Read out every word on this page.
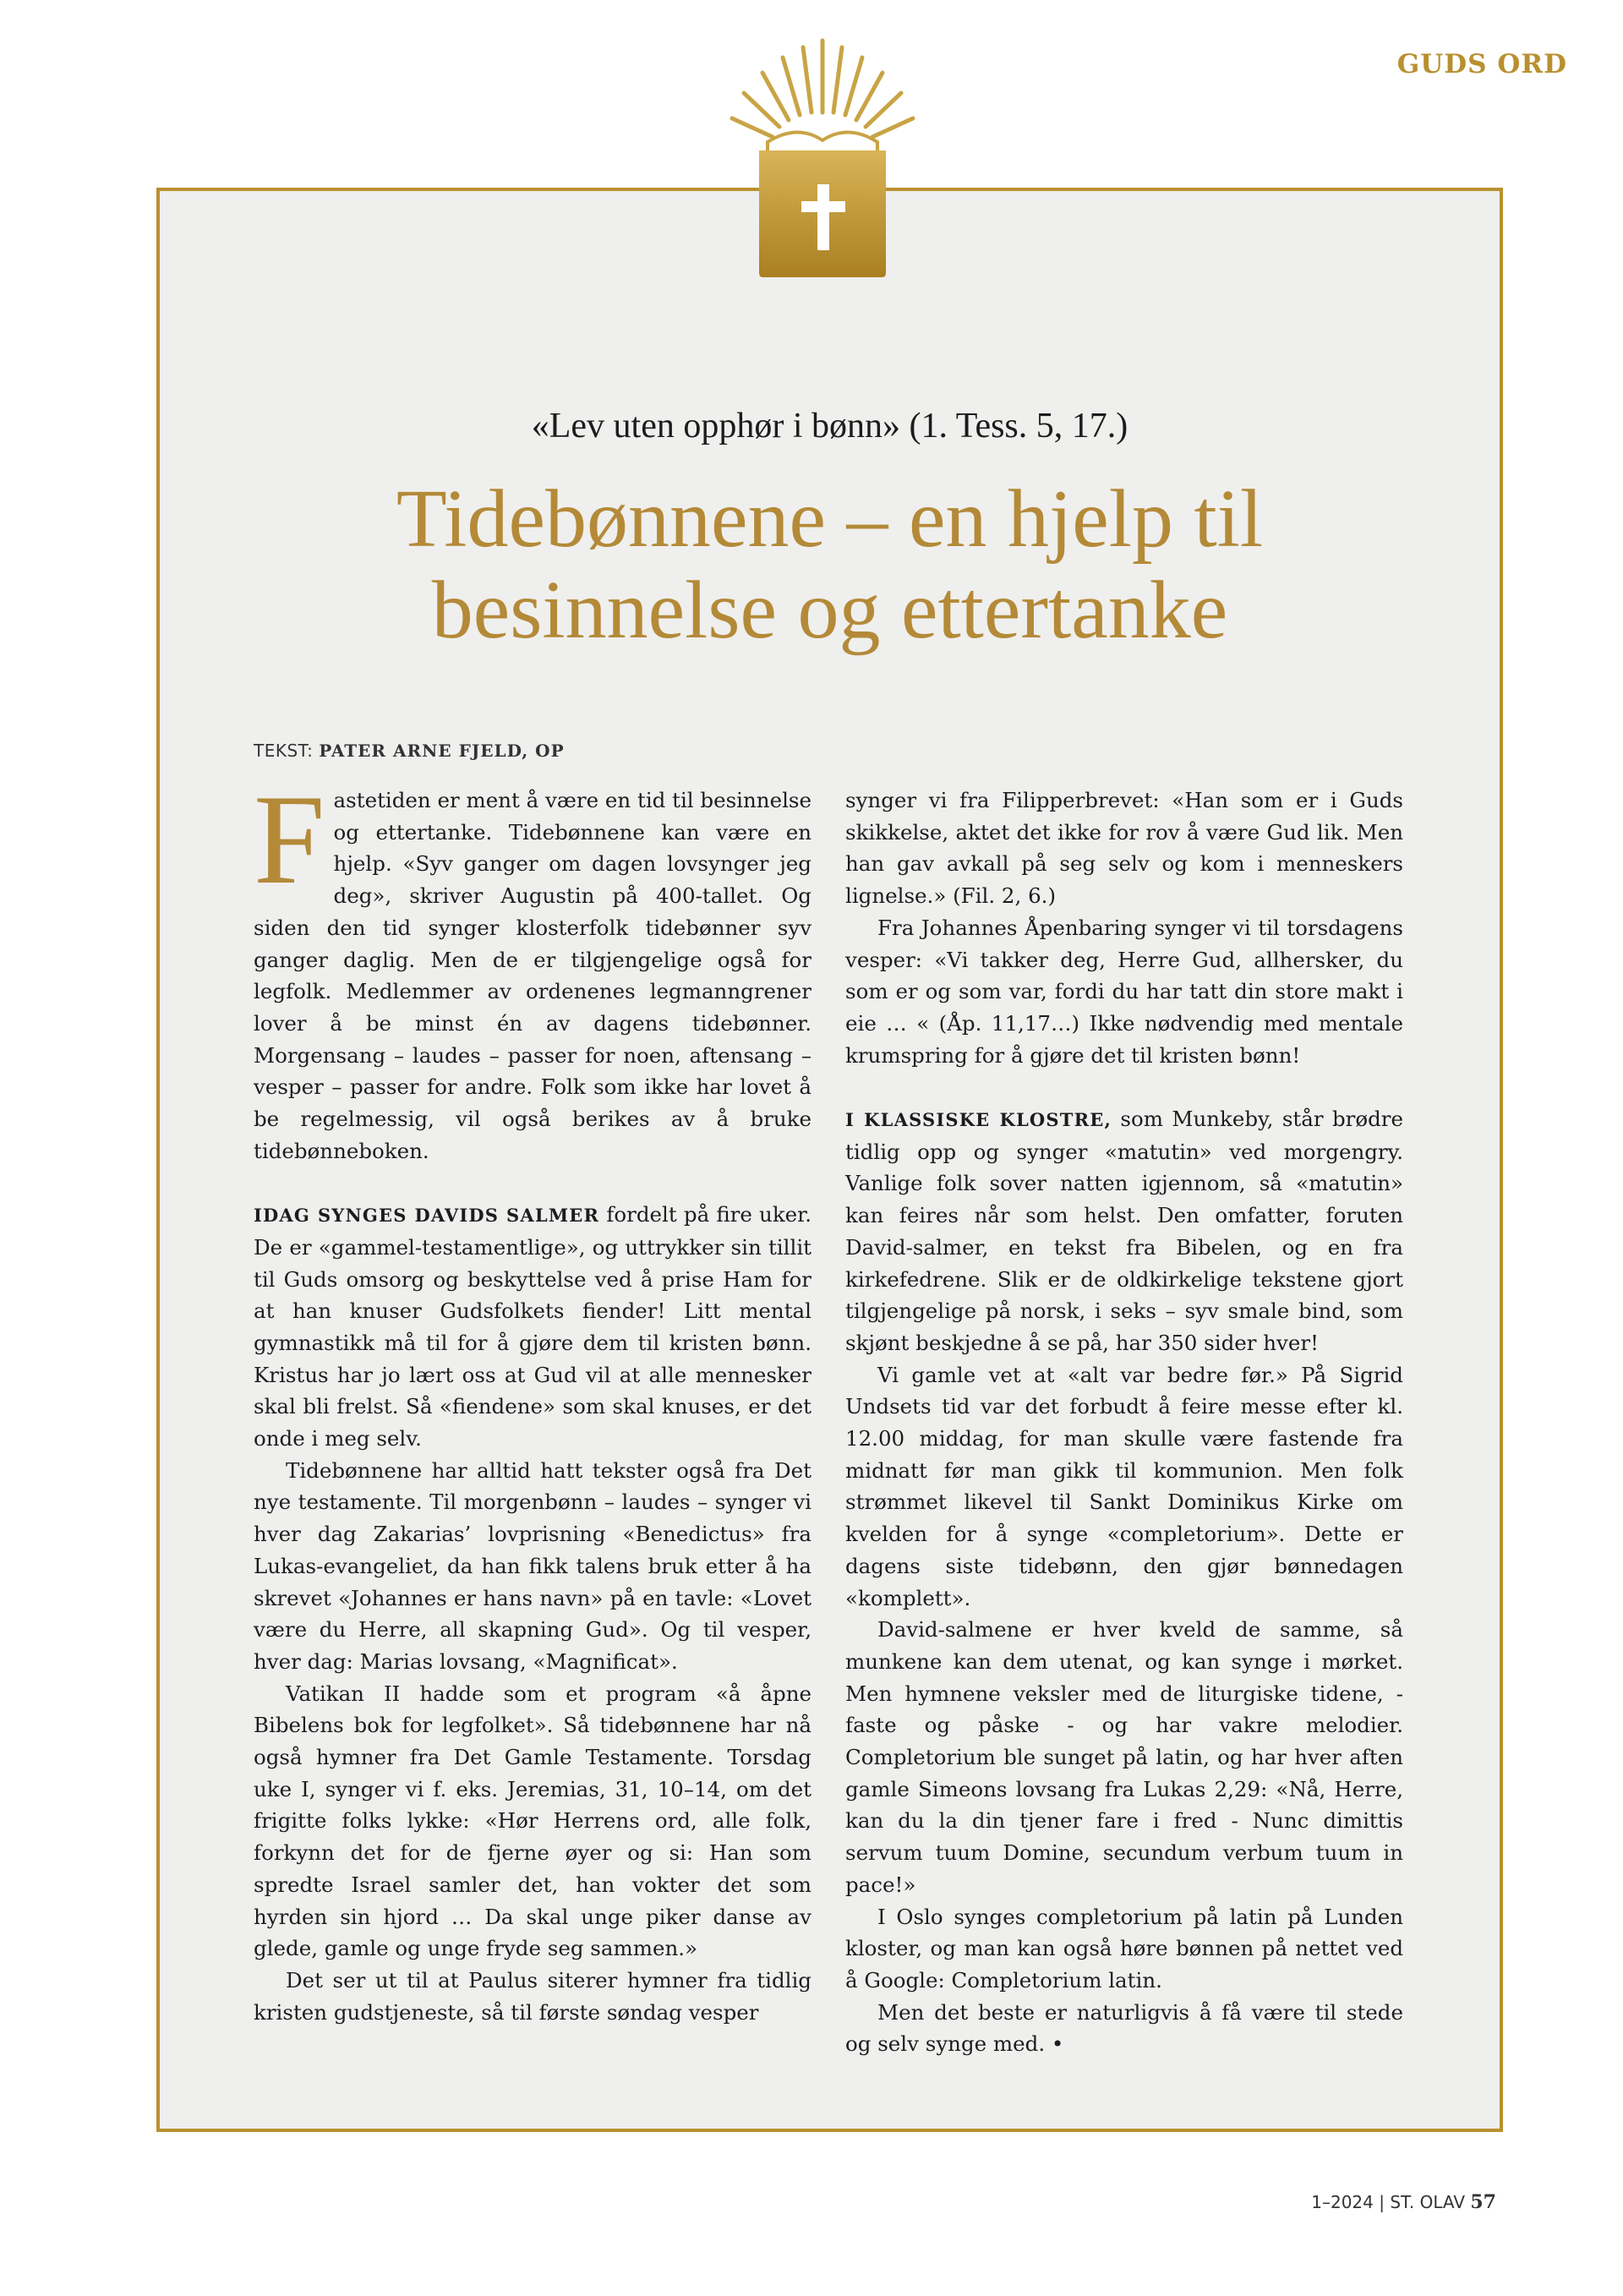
GUDS ORD
«Lev uten opphør i bønn» (1. Tess. 5, 17.)
Tidebønnene – en hjelp til
besinnelse og ettertanke
TEKST: PATER ARNE FJELD, OP

Fastetiden er ment å være en tid til besinnelse og ettertanke. Tidebønnene kan være en hjelp. «Syv ganger om dagen lovsynger jeg deg», skriver Augustin på 400-tallet. Og siden den tid synger klosterfolk tidebønner syv ganger daglig. Men de er tilgjengelige også for legfolk. Medlemmer av ordenenes legmanngrener lover å be minst én av dagens tidebønner. Morgensang – laudes – passer for noen, aftensang – vesper – passer for andre. Folk som ikke har lovet å be regelmessig, vil også berikes av å bruke tidebønneboken.

IDAG SYNGES DAVIDS SALMER fordelt på fire uker. De er «gammel-testamentlige», og uttrykker sin tillit til Guds omsorg og beskyttelse ved å prise Ham for at han knuser Gudsfolkets fiender! Litt mental gymnastikk må til for å gjøre dem til kristen bønn. Kristus har jo lært oss at Gud vil at alle mennesker skal bli frelst. Så «fiendene» som skal knuses, er det onde i meg selv.

Tidebønnene har alltid hatt tekster også fra Det nye testamente. Til morgenbønn – laudes – synger vi hver dag Zakarias’ lovprisning «Benedictus» fra Lukas-evangeliet, da han fikk talens bruk etter å ha skrevet «Johannes er hans navn» på en tavle: «Lovet være du Herre, all skapning Gud». Og til vesper, hver dag: Marias lovsang, «Magnificat».

Vatikan II hadde som et program «å åpne Bibelens bok for legfolket». Så tidebønnene har nå også hymner fra Det Gamle Testamente. Torsdag uke I, synger vi f. eks. Jeremias, 31, 10–14, om det frigitte folks lykke: «Hør Herrens ord, alle folk, forkynn det for de fjerne øyer og si: Han som spredte Israel samler det, han vokter det som hyrden sin hjord … Da skal unge piker danse av glede, gamle og unge fryde seg sammen.»

Det ser ut til at Paulus siterer hymner fra tidlig kristen gudstjeneste, så til første søndag vesper

synger vi fra Filipperbrevet: «Han som er i Guds skikkelse, aktet det ikke for rov å være Gud lik. Men han gav avkall på seg selv og kom i menneskers lignelse.» (Fil. 2, 6.)

Fra Johannes Åpenbaring synger vi til torsdagens vesper: «Vi takker deg, Herre Gud, allhersker, du som er og som var, fordi du har tatt din store makt i eie … « (Åp. 11,17…) Ikke nødvendig med mentale krumspring for å gjøre det til kristen bønn!

I KLASSISKE KLOSTRE, som Munkeby, står brødre tidlig opp og synger «matutin» ved morgengry. Vanlige folk sover natten igjennom, så «matutin» kan feires når som helst. Den omfatter, foruten David-salmer, en tekst fra Bibelen, og en fra kirkefedrene. Slik er de oldkirkelige tekstene gjort tilgjengelige på norsk, i seks – syv smale bind, som skjønt beskjedne å se på, har 350 sider hver!

Vi gamle vet at «alt var bedre før.» På Sigrid Undsets tid var det forbudt å feire messe efter kl. 12.00 middag, for man skulle være fastende fra midnatt før man gikk til kommunion. Men folk strømmet likevel til Sankt Dominikus Kirke om kvelden for å synge «completorium». Dette er dagens siste tidebønn, den gjør bønnedagen «komplett».

David-salmene er hver kveld de samme, så munkene kan dem utenat, og kan synge i mørket. Men hymnene veksler med de liturgiske tidene, - faste og påske - og har vakre melodier. Completorium ble sunget på latin, og har hver aften gamle Simeons lovsang fra Lukas 2,29: «Nå, Herre, kan du la din tjener fare i fred - Nunc dimittis servum tuum Domine, secundum verbum tuum in pace!»

I Oslo synges completorium på latin på Lunden kloster, og man kan også høre bønnen på nettet ved å Google: Completorium latin.

Men det beste er naturligvis å få være til stede og selv synge med. •

1–2024 | ST. OLAV 57
